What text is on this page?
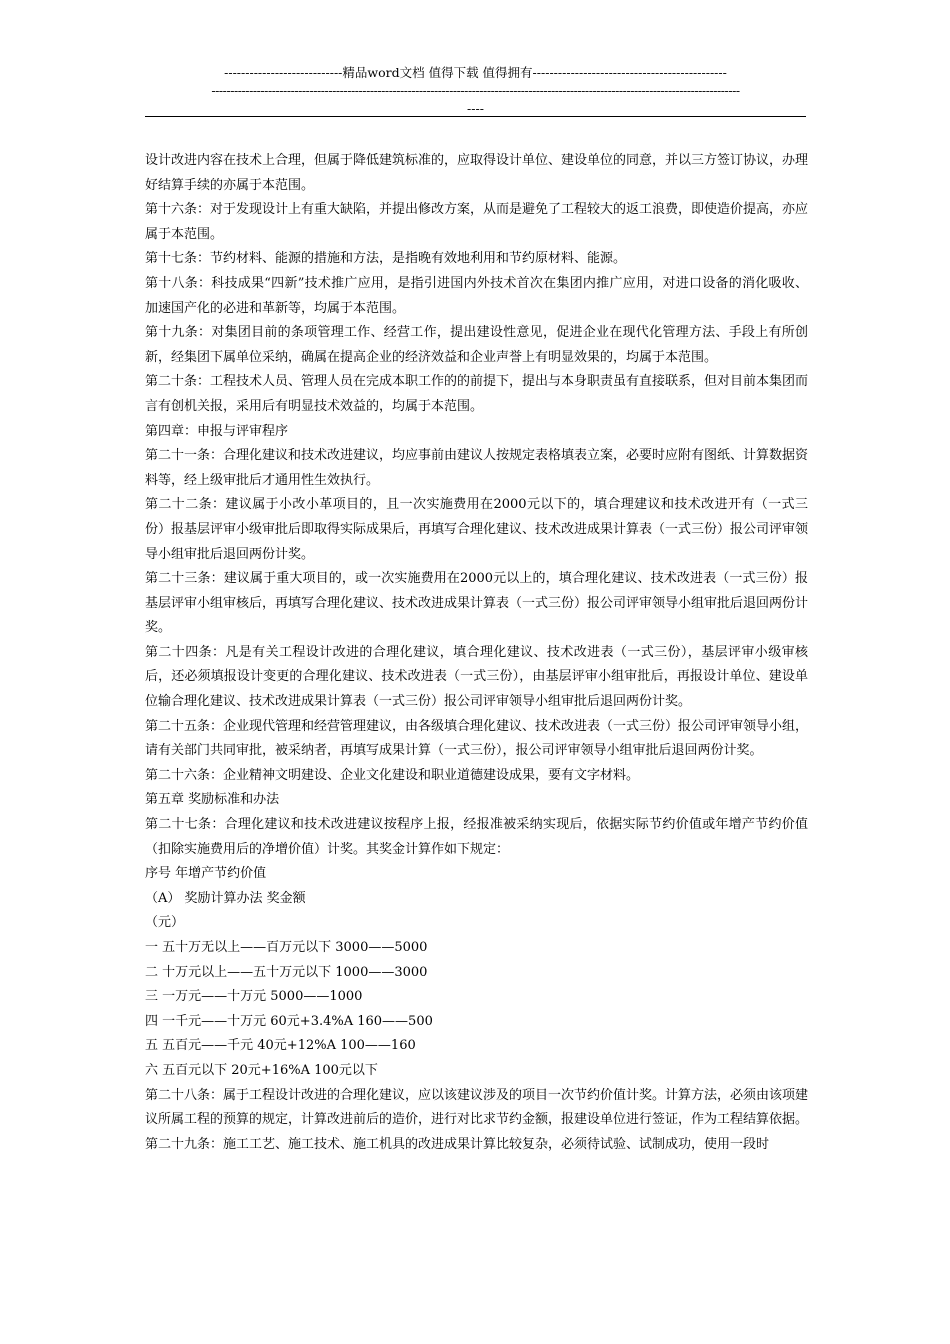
----------------------------精品word文档 值得下载 值得拥有----------------------------------------------
--------------------------------------------------------------------------------------------------------------------------------------------
----

设计改进内容在技术上合理，但属于降低建筑标准的，应取得设计单位、建设单位的同意，并以三方签订协议，办理好结算手续的亦属于本范围。

第十六条：对于发现设计上有重大缺陷，并提出修改方案，从而是避免了工程较大的返工浪费，即使造价提高，亦应属于本范围。

第十七条：节约材料、能源的措施和方法，是指晚有效地利用和节约原材料、能源。

第十八条：科技成果“四新”技术推广应用，是指引进国内外技术首次在集团内推广应用，对进口设备的消化吸收、加速国产化的必进和革新等，均属于本范围。

第十九条：对集团目前的条项管理工作、经营工作，提出建设性意见，促进企业在现代化管理方法、手段上有所创新，经集团下属单位采纳，确属在提高企业的经济效益和企业声誉上有明显效果的，均属于本范围。

第二十条：工程技术人员、管理人员在完成本职工作的的前提下，提出与本身职责虽有直接联系，但对目前本集团而言有创机关报，采用后有明显技术效益的，均属于本范围。

第四章：申报与评审程序

第二十一条：合理化建议和技术改进建议，均应事前由建议人按规定表格填表立案，必要时应附有图纸、计算数据资料等，经上级审批后才通用性生效执行。

第二十二条：建议属于小改小革项目的，且一次实施费用在2000元以下的，填合理建议和技术改进开有（一式三份）报基层评审小级审批后即取得实际成果后，再填写合理化建议、技术改进成果计算表（一式三份）报公司评审领导小组审批后退回两份计奖。

第二十三条：建议属于重大项目的，或一次实施费用在2000元以上的，填合理化建议、技术改进表（一式三份）报基层评审小组审核后，再填写合理化建议、技术改进成果计算表（一式三份）报公司评审领导小组审批后退回两份计奖。

第二十四条：凡是有关工程设计改进的合理化建议，填合理化建议、技术改进表（一式三份），基层评审小级审核后，还必须填报设计变更的合理化建议、技术改进表（一式三份），由基层评审小组审批后，再报设计单位、建设单位输合理化建议、技术改进成果计算表（一式三份）报公司评审领导小组审批后退回两份计奖。

第二十五条：企业现代管理和经营管理建议，由各级填合理化建议、技术改进表（一式三份）报公司评审领导小组，请有关部门共同审批，被采纳者，再填写成果计算（一式三份），报公司评审领导小组审批后退回两份计奖。

第二十六条：企业精神文明建设、企业文化建设和职业道德建设成果，要有文字材料。

第五章 奖励标准和办法

第二十七条：合理化建议和技术改进建议按程序上报，经报准被采纳实现后，依据实际节约价值或年增产节约价值（扣除实施费用后的净增价值）计奖。其奖金计算作如下规定：

序号 年增产节约价值

（A） 奖励计算办法 奖金额

（元）

一 五十万无以上——百万元以下 3000——5000

二 十万元以上——五十万元以下 1000——3000

三 一万元——十万元 5000——1000

四 一千元——十万元 60元+3.4%A 160——500

五 五百元——千元 40元+12%A 100——160

六 五百元以下 20元+16%A 100元以下

第二十八条：属于工程设计改进的合理化建议，应以该建议涉及的项目一次节约价值计奖。计算方法，必须由该项建议所属工程的预算的规定，计算改进前后的造价，进行对比求节约金额，报建设单位进行签证，作为工程结算依据。

第二十九条：施工工艺、施工技术、施工机具的改进成果计算比较复杂，必须待试验、试制成功，使用一段时
